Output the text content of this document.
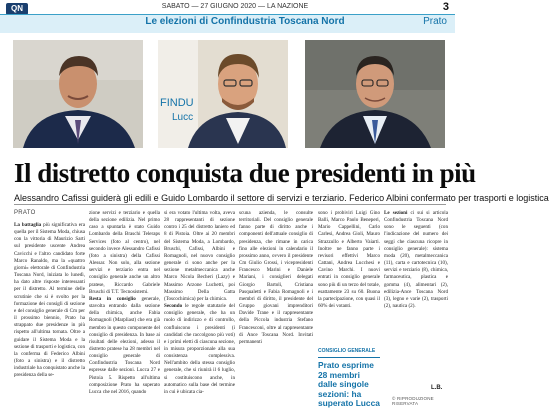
QN	SABATO — 27 GIUGNO 2020 — LA NAZIONE	3
Le elezioni di Confindustria Toscana Nord	Prato
FINDU
Lucc
Il distretto conquista due presidenti in più
Alessandro Cafissi guiderà gli edili e Guido Lombardo il settore di servizi e terziario. Federico Albini confermato per trasporti e logistica

PRATO

La battaglia più significativa era quella per il Sistema Moda, chiusa con la vittoria di Maurizio Sarti sul presidente uscente Andrea Cavicchi e l'altro candidato forte Marco Ranaldo, ma la «quattro giorni» elettorale di Confindustria Toscana Nord, iniziata lo lunedì, ha dato altre risposte interessanti per il distretto. Al termine delle scrutinie che si è svolto per la formazione dei consigli di sezione e del consiglio generale di Cm per il prossimo biennio, Prato ha strappato due presidenze in più rispetto all'ultima tornata. Oltre a guidare il Sistema Moda e la sezione di trasporti e logistica, con la conferma di Federico Albini (foto a sinistra) e il distretto industriale ha conquistato anche la presidenza della se-

zione servizi e terziario e quella della sezione edilizia. Nel primo caso a spuntarla è stato Guido Lombardo della Braschi Teleraps Services (foto al centro), nel secondo invece Alessandro Cafissi (foto a sinistra) della Cafissi Alessar. Non solo, alla sezione servizi e terziario entra nel consiglio generale anche un altro pratese, Riccardo Gabriele Bruschi di T.T. Tecnosistemi.

Resta in consiglio generale, stavolta entrando dalla sezione della chimica, anche Fabia Romagnoli (Marpliast) che era già membro in questo componente del consiglio di presidenza. In base ai risultati delle elezioni, adesso il distretto pratese ha 28 membri nel consiglio generale di Confindustria Toscana Nord espresse dalle sezioni. Lucca 27 e Pistoia 5. Rispetto all'ultima composizione Prato ha superato Lucca che nel 2016, quando

si era votato l'ultima volta, aveva 28 rappresentanti di sezione contro i 25 del distretto laniero ed 8 di Pistoia. Oltre ai 20 membri del Sistema Moda, a Lombardo, Bruschi, Cafissi, Albini e Romagnoli, nel nuovo consiglio generale ci sono anche per la sezione metalmeccanica anche Marco Nicola Becheri (Lazy) e Massimo Arzone Luchetti, poi Massimo Della Gatta (Toscochimica) per la chimica.

Secondo le regole statutarie del consiglio generale, che ha un ruolo di indirizzo e di controllo, confluiscono i presidenti (i candidati che raccolgono più voti) e i primi eletti di ciascuna sezione, in misura proporzionale alla sua consistenza complessiva. Nell'ambito della stessa consiglio generale, che si riunirà il 6 luglio, si costituiscono anche, in automatico sulla base del termine in cui è ubicata cia-

scuna azienda, le consulte territoriali. Del consiglio generale fanno parte di diritto anche i componenti dell'attuale consiglio di presidenza, che rimane in carica fino alle elezioni in calendario il prossimo anno, ovvero il presidente Cm Giulio Grossi, i vicepresidenti Francesco Marini e Daniele Mariani, i consiglieri delegati Giorgio Bartoli, Cristiana Pasqualetti e Fabia Romagnoli e i membri di diritto, il presidente del Gruppo giovani imprenditori Davide Trane e il rappresentante della Piccola industria Stefano Francesconi, oltre al rappresentante di Ance Toscana Nord. Invitati permanenti

sono i probiviri Luigi Gino Balli, Marco Paolo Beneperi, Mario Cappellini, Carlo Carlesi, Andrea Gioli, Mauro Strazzullo e Alberto Vaiarti. Inoltre ne fanno parte i revisori effettivi Marco Cattani, Andrea Lucchesi e Cavino Marchi. I nuovi entrati in consiglio generale sono più di un terzo del totale, esattamente 23 su 60. Buona la partecipazione, con quasi il 60% dei votanti.

Le sezioni ci sui si articola Confindustria Toscana Nord sono le seguenti (con l'indicazione del numero dei seggi che ciascuna ricopre in consiglio generale): sistema moda (20), metalmeccanica (11), carta e cartotecnica (10), servizi e terziario (8), chimica, farmaceutica, plastica e gomma (4), alimentari (2), edilizia-Ance Toscana Nord (3), legno e varie (2), trasporti (2), nautica (2).

CONSIGLIO GENERALE
Prato esprime 28 membri dalle singole sezioni: ha superato Lucca
L.B.
© RIPRODUZIONE RISERVATA
